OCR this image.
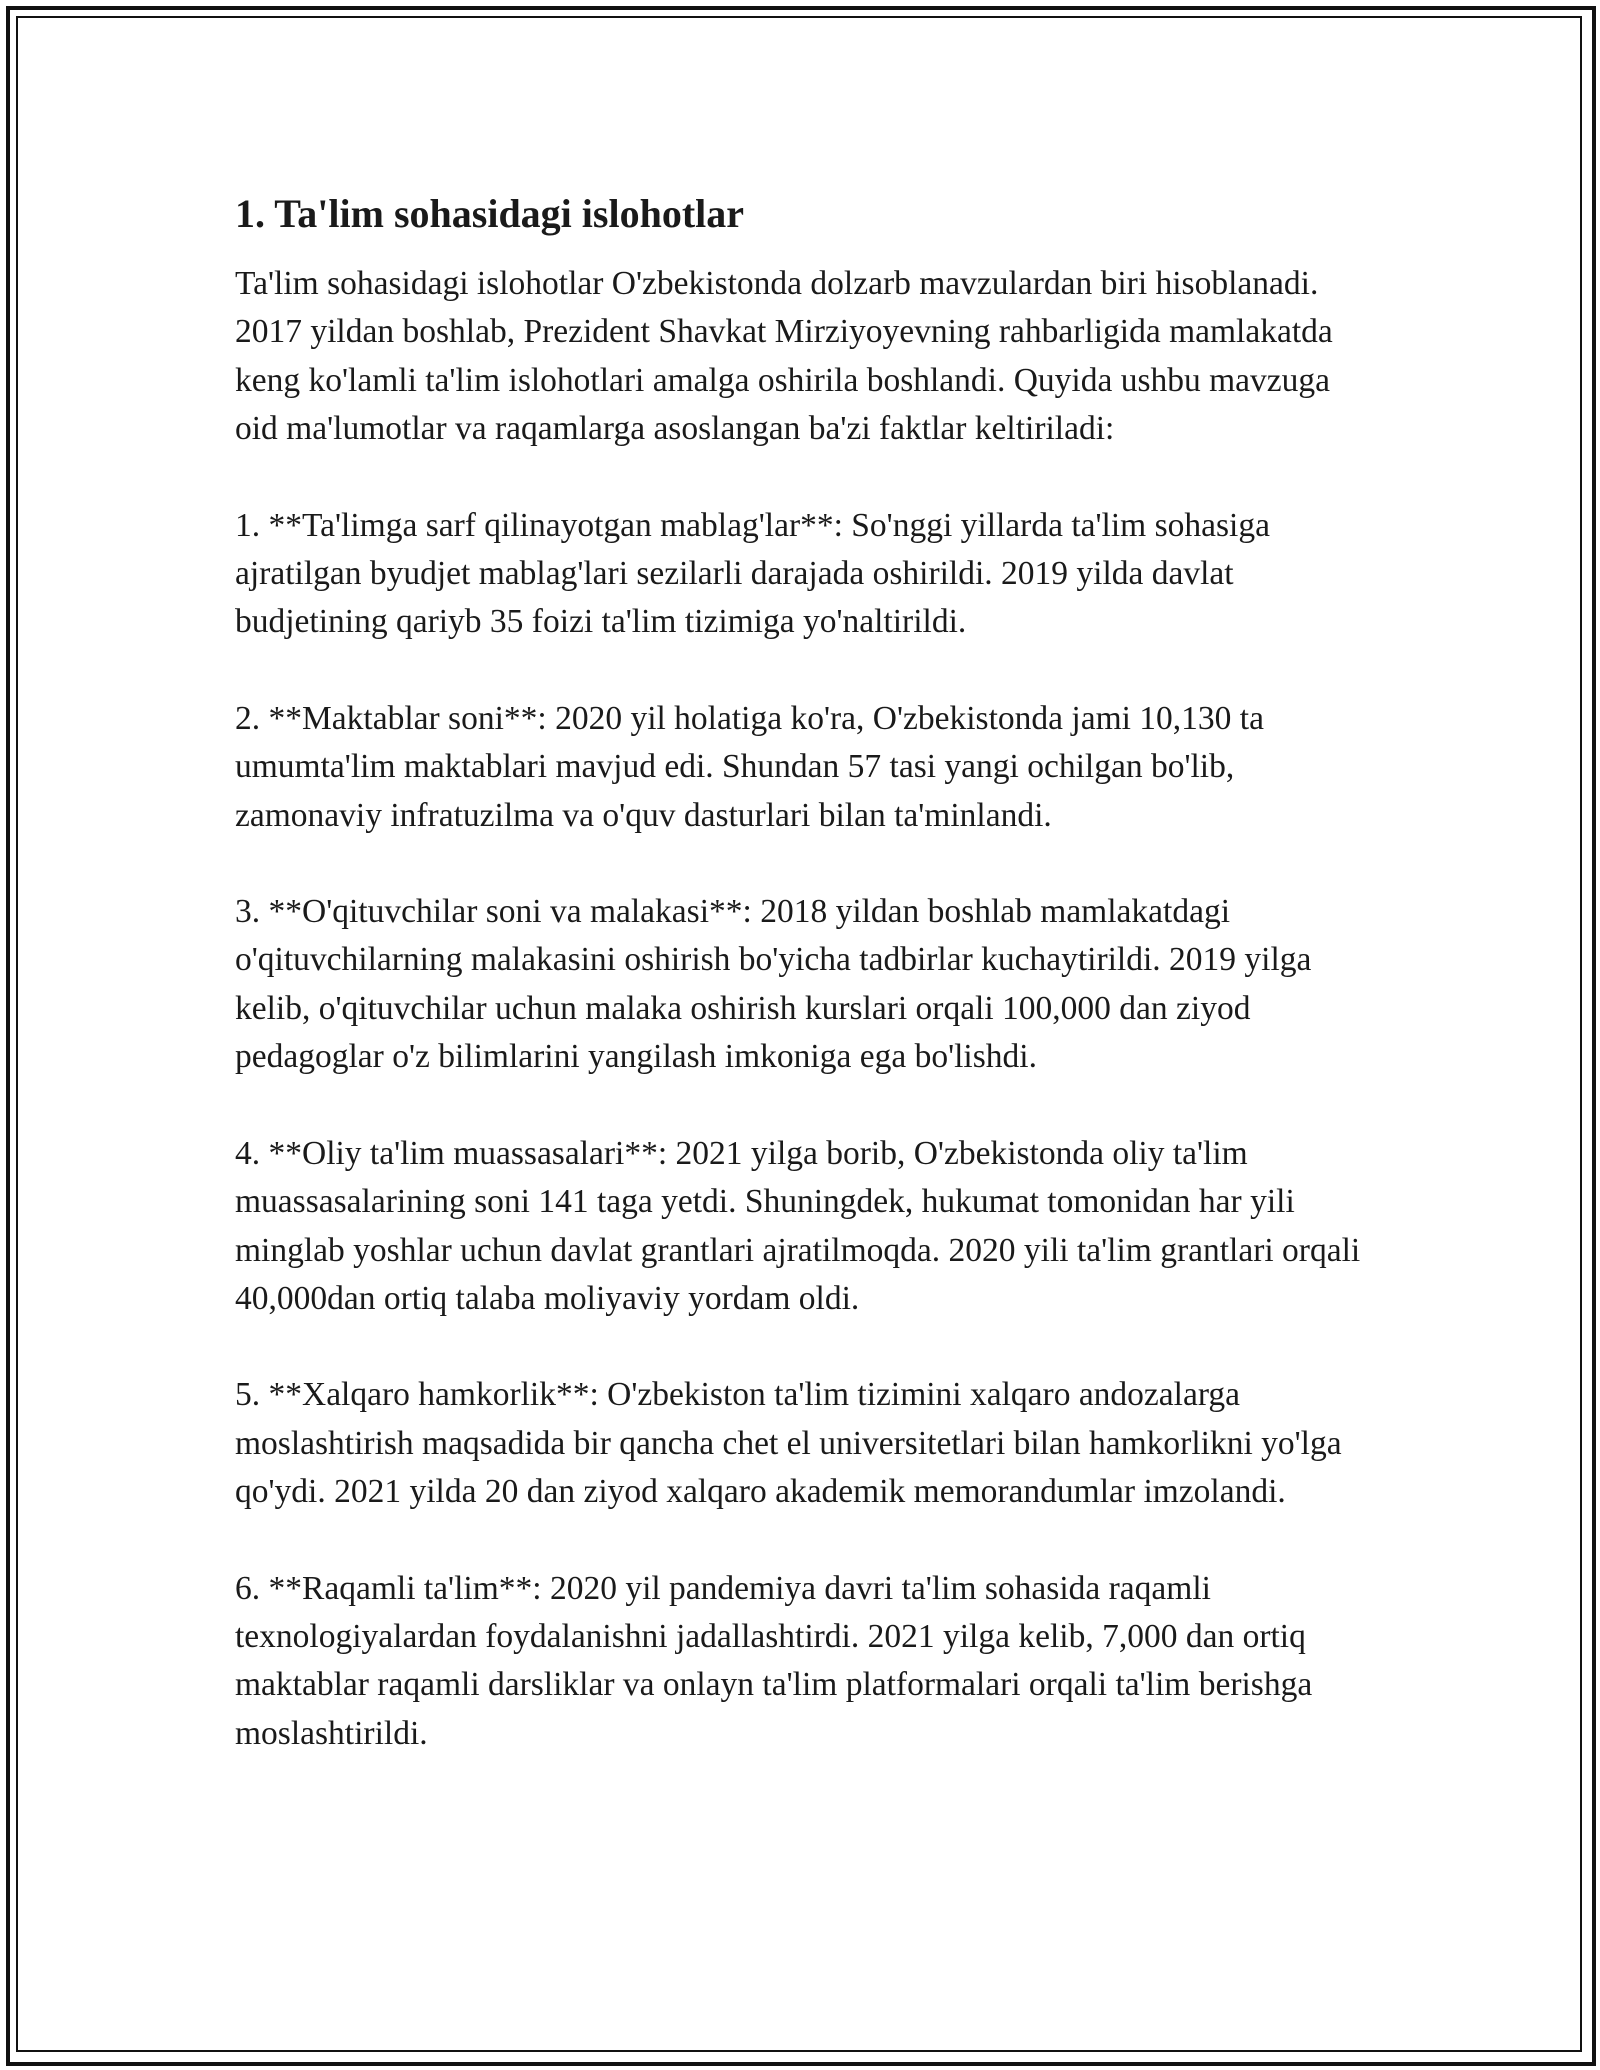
1. Ta'lim sohasidagi islohotlar

Ta'lim sohasidagi islohotlar O'zbekistonda dolzarb mavzulardan biri hisoblanadi. 2017 yildan boshlab, Prezident Shavkat Mirziyoyevning rahbarligida mamlakatda keng ko'lamli ta'lim islohotlari amalga oshirila boshlandi. Quyida ushbu mavzuga oid ma'lumotlar va raqamlarga asoslangan ba'zi faktlar keltiriladi:

1. **Ta'limga sarf qilinayotgan mablag'lar**: So'nggi yillarda ta'lim sohasiga ajratilgan byudjet mablag'lari sezilarli darajada oshirildi. 2019 yilda davlat budjetining qariyb 35 foizi ta'lim tizimiga yo'naltirildi.

2. **Maktablar soni**: 2020 yil holatiga ko'ra, O'zbekistonda jami 10,130 ta umumta'lim maktablari mavjud edi. Shundan 57 tasi yangi ochilgan bo'lib, zamonaviy infratuzilma va o'quv dasturlari bilan ta'minlandi.

3. **O'qituvchilar soni va malakasi**: 2018 yildan boshlab mamlakatdagi o'qituvchilarning malakasini oshirish bo'yicha tadbirlar kuchaytirildi. 2019 yilga kelib, o'qituvchilar uchun malaka oshirish kurslari orqali 100,000 dan ziyod pedagoglar o'z bilimlarini yangilash imkoniga ega bo'lishdi.

4. **Oliy ta'lim muassasalari**: 2021 yilga borib, O'zbekistonda oliy ta'lim muassasalarining soni 141 taga yetdi. Shuningdek, hukumat tomonidan har yili minglab yoshlar uchun davlat grantlari ajratilmoqda. 2020 yili ta'lim grantlari orqali 40,000dan ortiq talaba moliyaviy yordam oldi.

5. **Xalqaro hamkorlik**: O'zbekiston ta'lim tizimini xalqaro andozalarga moslashtirish maqsadida bir qancha chet el universitetlari bilan hamkorlikni yo'lga qo'ydi. 2021 yilda 20 dan ziyod xalqaro akademik memorandumlar imzolandi.

6. **Raqamli ta'lim**: 2020 yil pandemiya davri ta'lim sohasida raqamli texnologiyalardan foydalanishni jadallashtirdi. 2021 yilga kelib, 7,000 dan ortiq maktablar raqamli darsliklar va onlayn ta'lim platformalari orqali ta'lim berishga moslashtirildi.
